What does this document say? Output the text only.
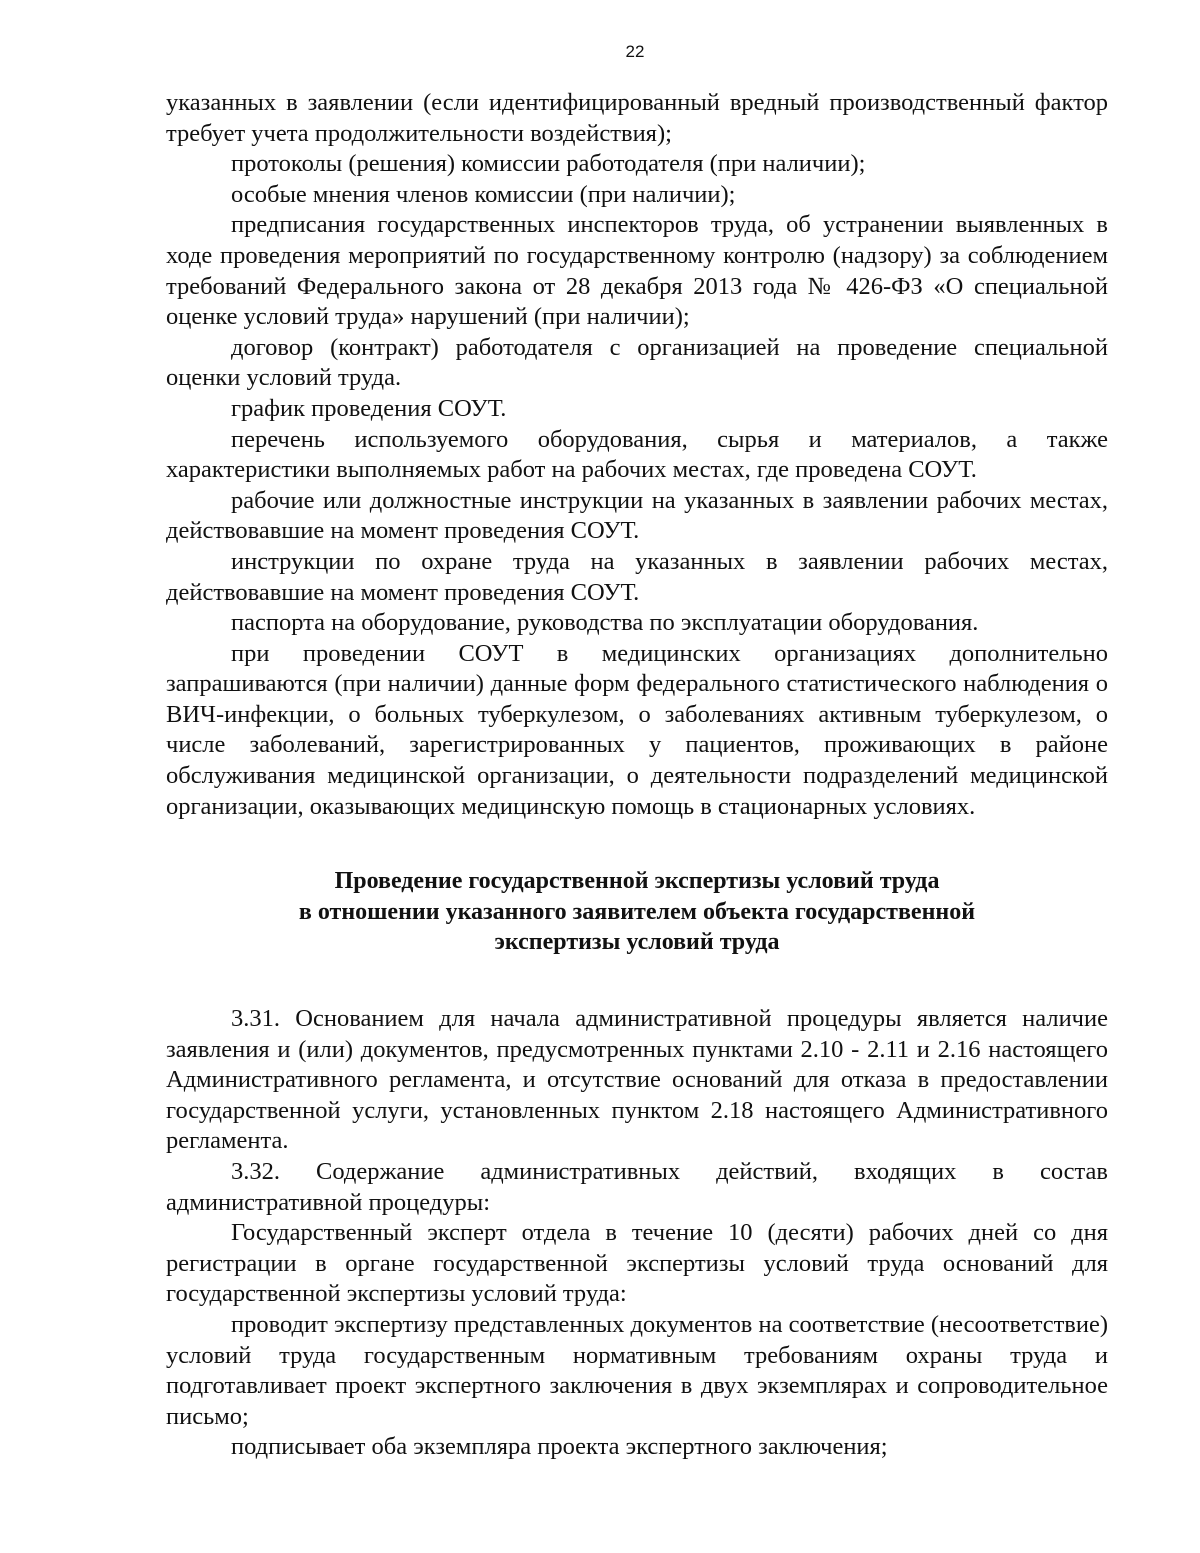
22

указанных в заявлении (если идентифицированный вредный производственный фактор требует учета продолжительности воздействия);

протоколы (решения) комиссии работодателя (при наличии);

особые мнения членов комиссии (при наличии);

предписания государственных инспекторов труда, об устранении выявленных в ходе проведения мероприятий по государственному контролю (надзору) за соблюдением требований Федерального закона от 28 декабря 2013 года № 426-ФЗ «О специальной оценке условий труда» нарушений (при наличии);

договор (контракт) работодателя с организацией на проведение специальной оценки условий труда.

график проведения СОУТ.

перечень используемого оборудования, сырья и материалов, а также характеристики выполняемых работ на рабочих местах, где проведена СОУТ.

рабочие или должностные инструкции на указанных в заявлении рабочих местах, действовавшие на момент проведения СОУТ.

инструкции по охране труда на указанных в заявлении рабочих местах, действовавшие на момент проведения СОУТ.

паспорта на оборудование, руководства по эксплуатации оборудования.

при проведении СОУТ в медицинских организациях дополнительно запрашиваются (при наличии) данные форм федерального статистического наблюдения о ВИЧ-инфекции, о больных туберкулезом, о заболеваниях активным туберкулезом, о числе заболеваний, зарегистрированных у пациентов, проживающих в районе обслуживания медицинской организации, о деятельности подразделений медицинской организации, оказывающих медицинскую помощь в стационарных условиях.

Проведение государственной экспертизы условий труда
в отношении указанного заявителем объекта государственной
экспертизы условий труда

3.31. Основанием для начала административной процедуры является наличие заявления и (или) документов, предусмотренных пунктами 2.10 - 2.11 и 2.16 настоящего Административного регламента, и отсутствие оснований для отказа в предоставлении государственной услуги, установленных пунктом 2.18 настоящего Административного регламента.

3.32. Содержание административных действий, входящих в состав административной процедуры:

Государственный эксперт отдела в течение 10 (десяти) рабочих дней со дня регистрации в органе государственной экспертизы условий труда оснований для государственной экспертизы условий труда:

проводит экспертизу представленных документов на соответствие (несоответствие) условий труда государственным нормативным требованиям охраны труда и подготавливает проект экспертного заключения в двух экземплярах и сопроводительное письмо;

подписывает оба экземпляра проекта экспертного заключения;
